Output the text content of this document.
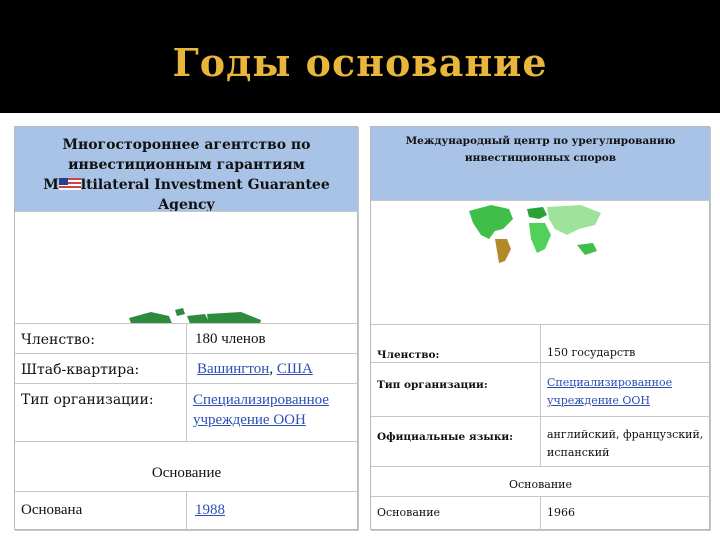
Годы основание
Многостороннее агентство по
инвестиционным гарантиям
M ltilateral Investment Guarantee Agency
Членство:	180 членов
Штаб-квартира:	Вашингтон, США
Тип организации:	Специализированное учреждение ООН
Основание
Основана	1988
Международный центр по урегулированию
инвестиционных споров
Членство:	150 государств
Тип организации:	Специализированное учреждение ООН
Официальные языки:	английский, французский, испанский
Основание
Основание	1966
